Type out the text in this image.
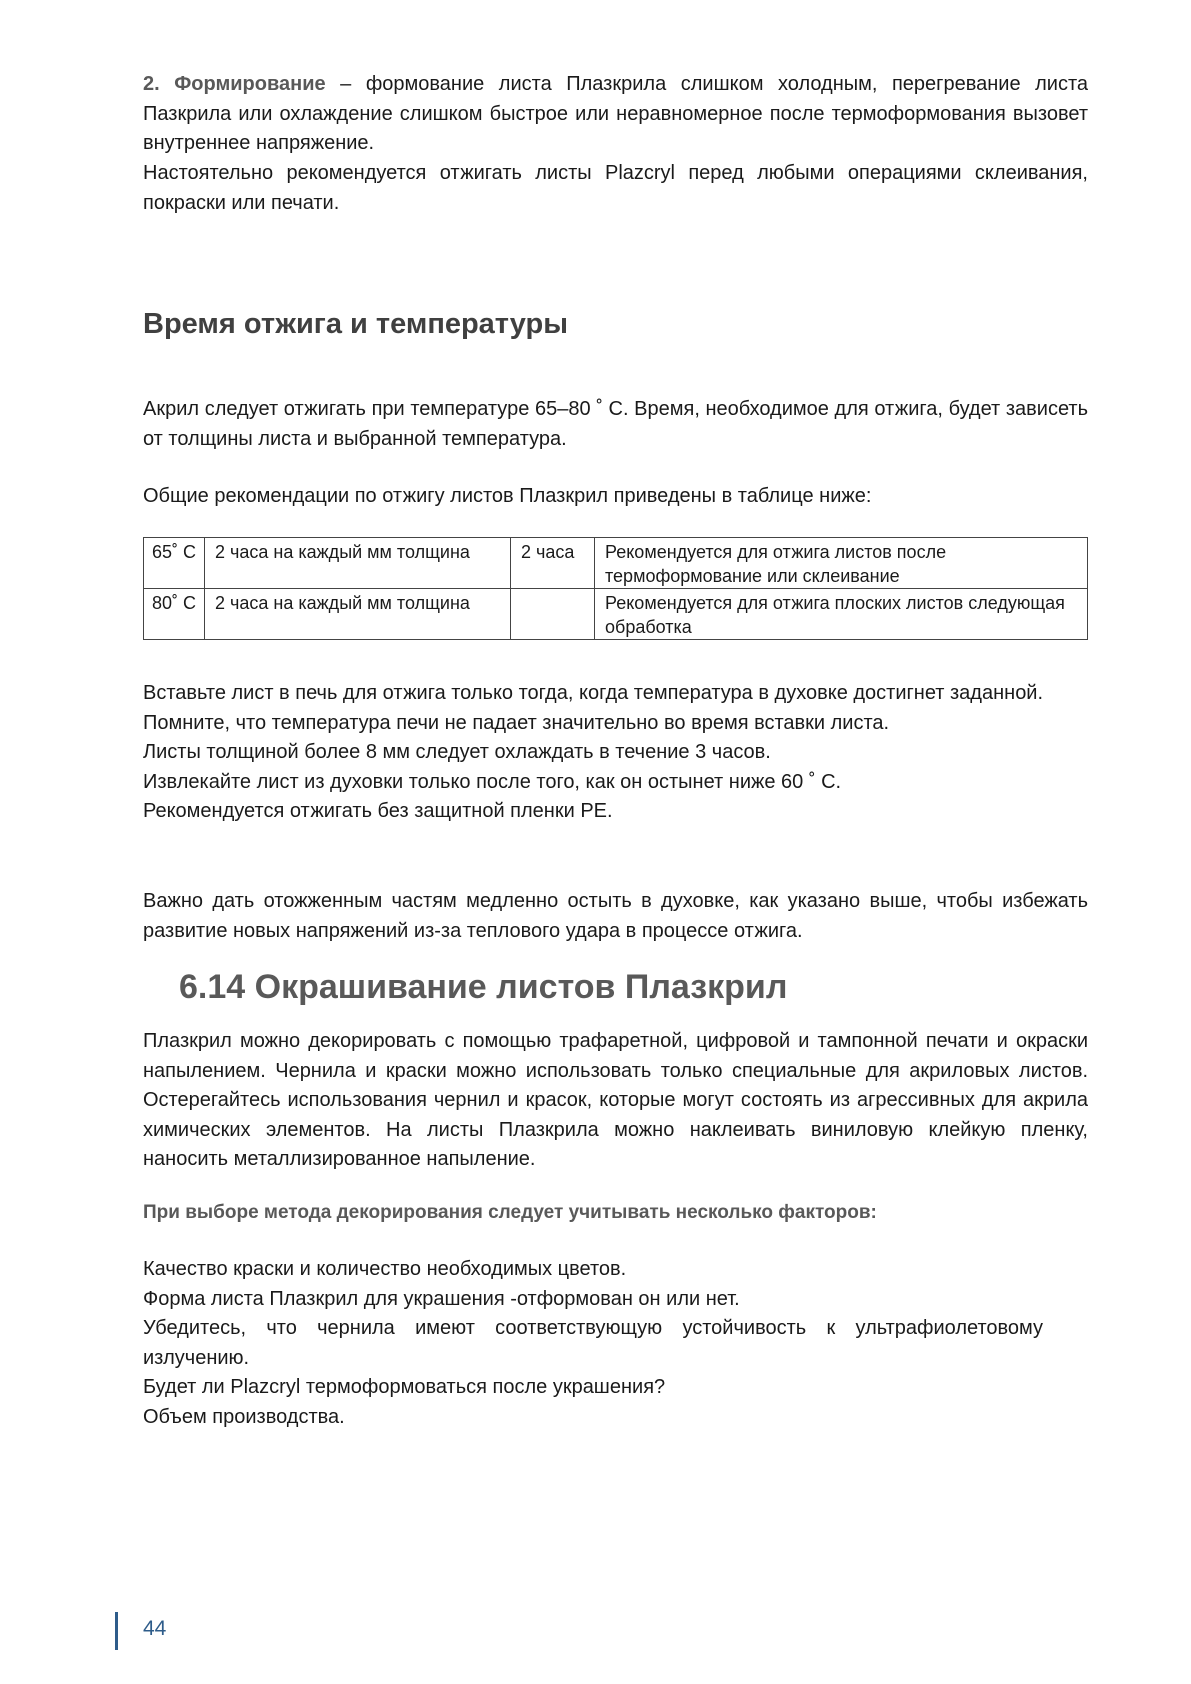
2. Формирование – формование листа Плазкрила слишком холодным, перегревание листа Пазкрила или охлаждение слишком быстрое или неравномерное после термоформования вызовет внутреннее напряжение.

Настоятельно рекомендуется отжигать листы Plazcryl перед любыми операциями склеивания, покраски или печати.

Время отжига и температуры

Акрил следует отжигать при температуре 65–80 ˚ С. Время, необходимое для отжига, будет зависеть от толщины листа и выбранной температура.

Общие рекомендации по отжигу листов Плазкрил приведены в таблице ниже:

65˚ С	2 часа на каждый мм толщина	2 часа	Рекомендуется для отжига листов после термоформование или склеивание
80˚ С	2 часа на каждый мм толщина		Рекомендуется для отжига плоских листов следующая обработка

Вставьте лист в печь для отжига только тогда, когда температура в духовке достигнет заданной.

Помните, что температура печи не падает значительно во время вставки листа.

Листы толщиной более 8 мм следует охлаждать в течение 3 часов.

Извлекайте лист из духовки только после того, как он остынет ниже 60 ˚ С.

Рекомендуется отжигать без защитной пленки РЕ.

Важно дать отожженным частям медленно остыть в духовке, как указано выше, чтобы избежать развитие новых напряжений из-за теплового удара в процессе отжига.

6.14 Окрашивание листов Плазкрил

Плазкрил можно декорировать с помощью трафаретной, цифровой и тампонной печати и окраски напылением. Чернила и краски можно использовать только специальные для акриловых листов. Остерегайтесь использования чернил и красок, которые могут состоять из агрессивных для акрила химических элементов. На листы Плазкрила можно наклеивать виниловую клейкую пленку, наносить металлизированное напыление.

При выборе метода декорирования следует учитывать несколько факторов:

Качество краски и количество необходимых цветов.

Форма листа Плазкрил для украшения -отформован он или нет.

Убедитесь, что чернила имеют соответствующую устойчивость к ультрафиолетовому излучению.

Будет ли Plazcryl термоформоваться после украшения?

Объем производства.

44
